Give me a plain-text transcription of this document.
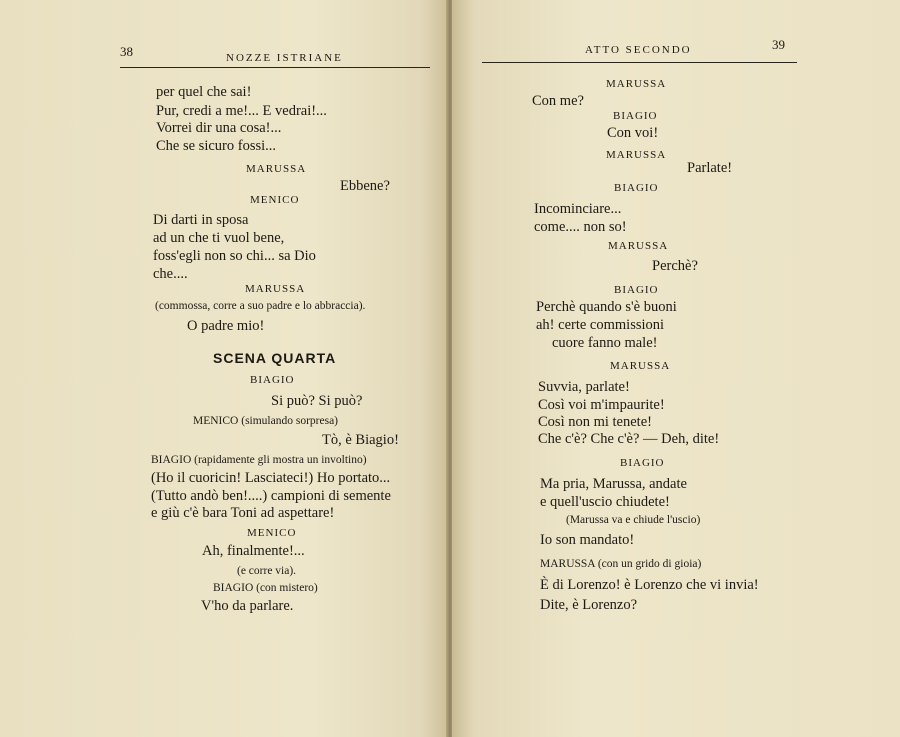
38	NOZZE ISTRIANE
per quel che sai!
Pur, credi a me!... E vedrai!...
Vorrei dir una cosa!...
Che se sicuro fossi...
MARUSSA
Ebbene?
MENICO
Di darti in sposa
ad un che ti vuol bene,
foss'egli non so chi... sa Dio
che....
MARUSSA
(commossa, corre a suo padre e lo abbraccia).
O padre mio!
SCENA QUARTA
BIAGIO
Si può? Si può?
MENICO (simulando sorpresa)
Tò, è Biagio!
BIAGIO (rapidamente gli mostra un involtino)
(Ho il cuoricin! Lasciateci!) Ho portato...
(Tutto andò ben!....) campioni di semente
e giù c'è bara Toni ad aspettare!
MENICO
Ah, finalmente!...
(e corre via).
BIAGIO (con mistero)
V'ho da parlare.
ATTO SECONDO	39
MARUSSA
Con me?
BIAGIO
Con voi!
MARUSSA
Parlate!
BIAGIO
Incominciare...
come.... non so!
MARUSSA
Perchè?
BIAGIO
Perchè quando s'è buoni
ah! certe commissioni
cuore fanno male!
MARUSSA
Suvvia, parlate!
Così voi m'impaurite!
Così non mi tenete!
Che c'è? Che c'è? — Deh, dite!
BIAGIO
Ma pria, Marussa, andate
e quell'uscio chiudete!
(Marussa va e chiude l'uscio)
Io son mandato!
MARUSSA (con un grido di gioia)
È di Lorenzo! è Lorenzo che vi invia!
Dite, è Lorenzo?
